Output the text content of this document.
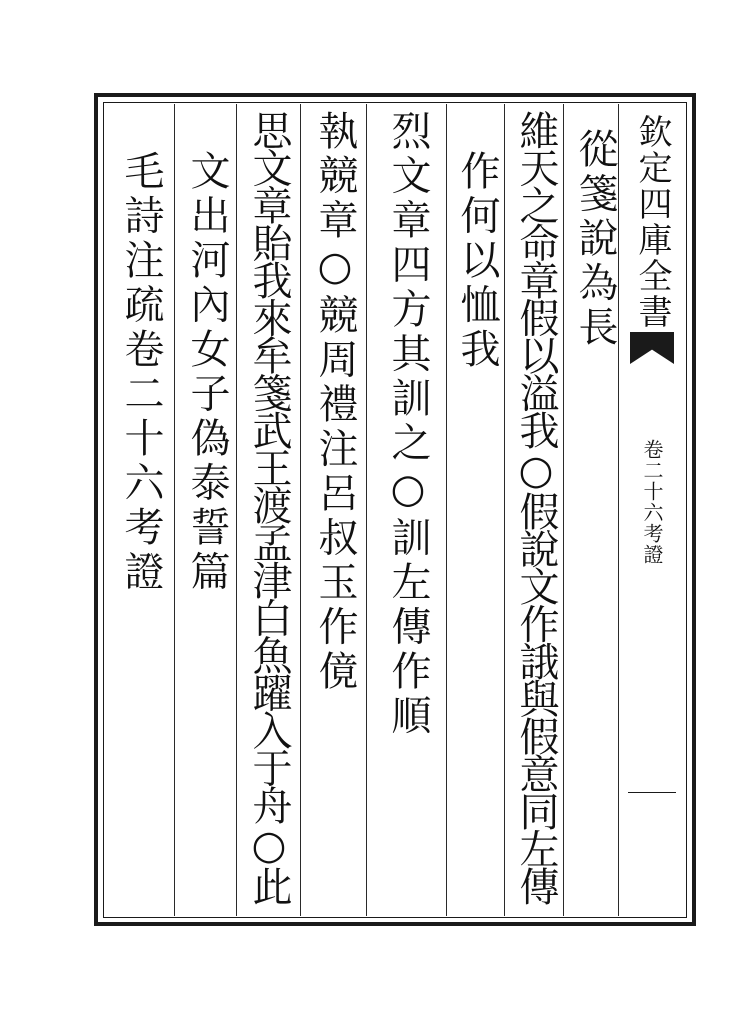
欽定四庫全書
卷二十六考證
從箋說為長
維天之命章假以溢我○假說文作誐與假意同左傳
作何以恤我
烈文章四方其訓之○訓左傳作順
執競章○競周禮注呂叔玉作傹
思文章貽我來牟箋武王渡孟津白魚躍入于舟○此
文出河內女子偽泰誓篇
毛詩注疏卷二十六考證
